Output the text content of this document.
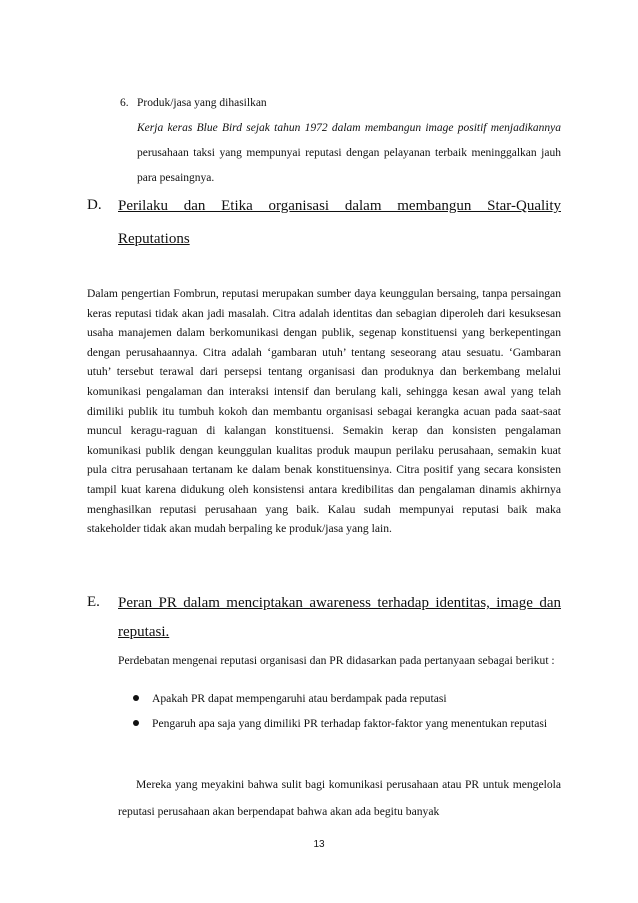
6. Produk/jasa yang dihasilkan

Kerja keras Blue Bird sejak tahun 1972 dalam membangun image positif menjadikannya
perusahaan taksi yang mempunyai reputasi dengan pelayanan terbaik meninggalkan jauh para pesaingnya.

D. Perilaku dan Etika organisasi dalam membangun Star-Quality
Reputations

Dalam pengertian Fombrun, reputasi merupakan sumber daya keunggulan bersaing, tanpa persaingan keras reputasi tidak akan jadi masalah. Citra adalah identitas dan sebagian diperoleh dari kesuksesan usaha manajemen dalam berkomunikasi dengan publik, segenap konstituensi yang berkepentingan dengan perusahaannya. Citra adalah ‘gambaran utuh’ tentang seseorang atau sesuatu. ‘Gambaran utuh’ tersebut terawal dari persepsi tentang organisasi dan produknya dan berkembang melalui komunikasi pengalaman dan interaksi intensif dan berulang kali, sehingga kesan awal yang telah dimiliki publik itu tumbuh kokoh dan membantu organisasi sebagai kerangka acuan pada saat-saat muncul keragu-raguan di kalangan konstituensi. Semakin kerap dan konsisten pengalaman komunikasi publik dengan keunggulan kualitas produk maupun perilaku perusahaan, semakin kuat pula citra perusahaan tertanam ke dalam benak konstituensinya. Citra positif yang secara konsisten tampil kuat karena didukung oleh konsistensi antara kredibilitas dan pengalaman dinamis akhirnya menghasilkan reputasi perusahaan yang baik. Kalau sudah mempunyai reputasi baik maka stakeholder tidak akan mudah berpaling ke produk/jasa yang lain.

E. Peran PR dalam menciptakan awareness terhadap identitas, image dan
reputasi.

Perdebatan mengenai reputasi organisasi dan PR didasarkan pada pertanyaan sebagai berikut :

Apakah PR dapat mempengaruhi atau berdampak pada reputasi
Pengaruh apa saja yang dimiliki PR terhadap faktor-faktor yang menentukan reputasi

Mereka yang meyakini bahwa sulit bagi komunikasi perusahaan atau PR untuk mengelola reputasi perusahaan akan berpendapat bahwa akan ada begitu banyak

13
